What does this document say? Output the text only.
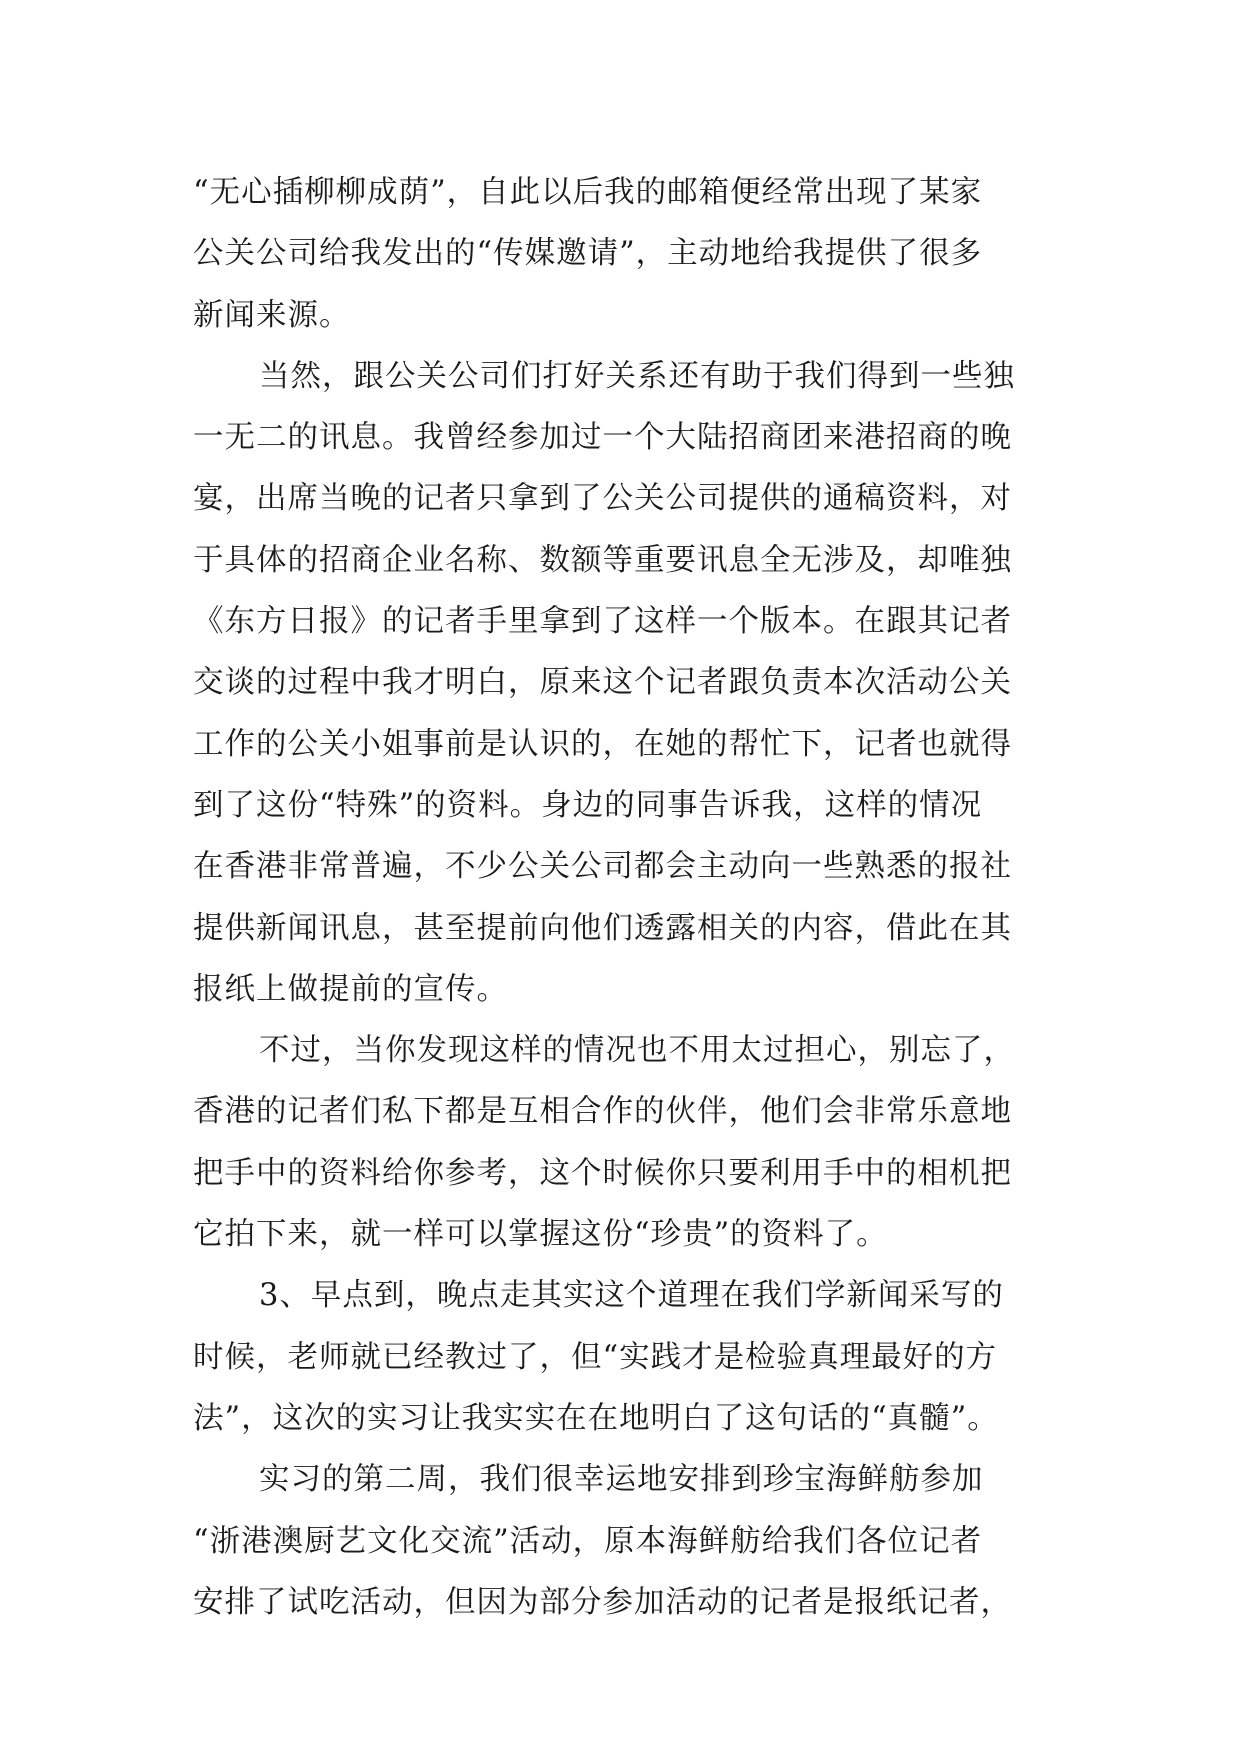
“无心插柳柳成荫”，自此以后我的邮箱便经常出现了某家
公关公司给我发出的“传媒邀请”，主动地给我提供了很多
新闻来源。
当然，跟公关公司们打好关系还有助于我们得到一些独
一无二的讯息。我曾经参加过一个大陆招商团来港招商的晚
宴，出席当晚的记者只拿到了公关公司提供的通稿资料，对
于具体的招商企业名称、数额等重要讯息全无涉及，却唯独
《东方日报》的记者手里拿到了这样一个版本。在跟其记者
交谈的过程中我才明白，原来这个记者跟负责本次活动公关
工作的公关小姐事前是认识的，在她的帮忙下，记者也就得
到了这份“特殊”的资料。身边的同事告诉我，这样的情况
在香港非常普遍，不少公关公司都会主动向一些熟悉的报社
提供新闻讯息，甚至提前向他们透露相关的内容，借此在其
报纸上做提前的宣传。
不过，当你发现这样的情况也不用太过担心，别忘了，
香港的记者们私下都是互相合作的伙伴，他们会非常乐意地
把手中的资料给你参考，这个时候你只要利用手中的相机把
它拍下来，就一样可以掌握这份“珍贵”的资料了。
3、早点到，晚点走其实这个道理在我们学新闻采写的
时候，老师就已经教过了，但“实践才是检验真理最好的方
法”，这次的实习让我实实在在地明白了这句话的“真髓”。
实习的第二周，我们很幸运地安排到珍宝海鲜舫参加
“浙港澳厨艺文化交流”活动，原本海鲜舫给我们各位记者
安排了试吃活动，但因为部分参加活动的记者是报纸记者，
